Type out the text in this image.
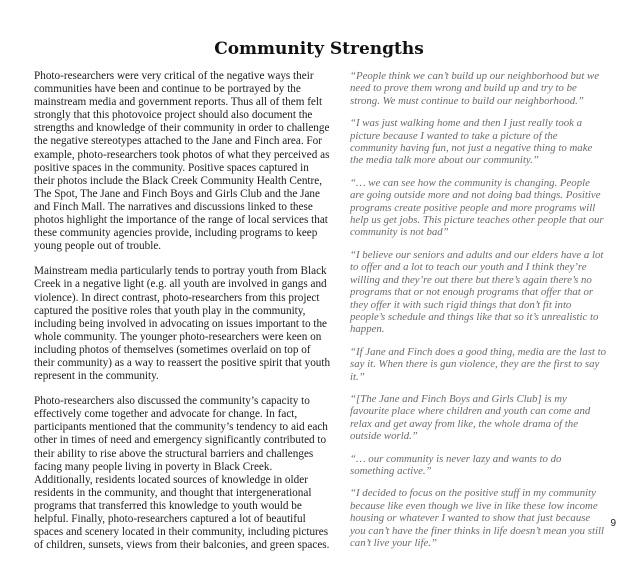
Community Strengths

Photo-researchers were very critical of the negative ways their communities have been and continue to be portrayed by the mainstream media and government reports. Thus all of them felt strongly that this photovoice project should also document the strengths and knowledge of their community in order to challenge the negative stereotypes attached to the Jane and Finch area. For example, photo-researchers took photos of what they perceived as positive spaces in the community. Positive spaces captured in their photos include the Black Creek Community Health Centre, The Spot, The Jane and Finch Boys and Girls Club and the Jane and Finch Mall. The narratives and discussions linked to these photos highlight the importance of the range of local services that these community agencies provide, including programs to keep young people out of trouble.

Mainstream media particularly tends to portray youth from Black Creek in a negative light (e.g. all youth are involved in gangs and violence). In direct contrast, photo-researchers from this project captured the positive roles that youth play in the community, including being involved in advocating on issues important to the whole community. The younger photo-researchers were keen on including photos of themselves (sometimes overlaid on top of their community) as a way to reassert the positive spirit that youth represent in the community.

Photo-researchers also discussed the community’s capacity to effectively come together and advocate for change. In fact, participants mentioned that the community’s tendency to aid each other in times of need and emergency significantly contributed to their ability to rise above the structural barriers and challenges facing many people living in poverty in Black Creek. Additionally, residents located sources of knowledge in older residents in the community, and thought that intergenerational programs that transferred this knowledge to youth would be helpful. Finally, photo-researchers captured a lot of beautiful spaces and scenery located in their community, including pictures of children, sunsets, views from their balconies, and green spaces.

“People think we can’t build up our neighborhood but we need to prove them wrong and build up and try to be strong. We must continue to build our neighborhood.”

“I was just walking home and then I just really took a picture because I wanted to take a picture of the community having fun, not just a negative thing to make the media talk more about our community.”

“… we can see how the community is changing. People are going outside more and not doing bad things. Positive programs create positive people and more programs will help us get jobs. This picture teaches other people that our community is not bad”

“I believe our seniors and adults and our elders have a lot to offer and a lot to teach our youth and I think they’re willing and they’re out there but there’s again there’s no programs that or not enough programs that offer that or they offer it with such rigid things that don’t fit into people’s schedule and things like that so it’s unrealistic to happen.

“If Jane and Finch does a good thing, media are the last to say it. When there is gun violence, they are the first to say it.”

“[The Jane and Finch Boys and Girls Club] is my favourite place where children and youth can come and relax and get away from like, the whole drama of the outside world.”

“… our community is never lazy and wants to do something active.”

“I decided to focus on the positive stuff in my community because like even though we live in like these low income housing or whatever I wanted to show that just because you can’t have the finer thinks in life doesn’t mean you still can’t live your life.”

9
